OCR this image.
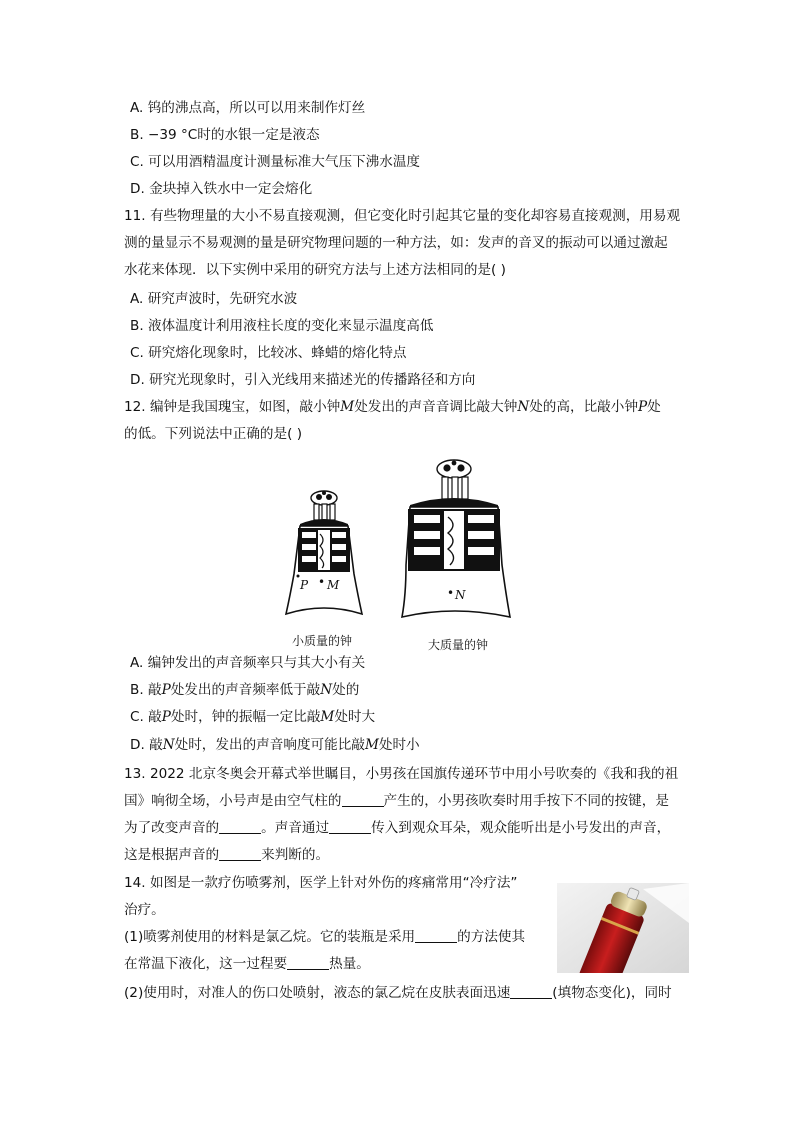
A. 钨的沸点高，所以可以用来制作灯丝
B. −39 °C时的水银一定是液态
C. 可以用酒精温度计测量标准大气压下沸水温度
D. 金块掉入铁水中一定会熔化
11. 有些物理量的大小不易直接观测，但它变化时引起其它量的变化却容易直接观测，用易观
测的量显示不易观测的量是研究物理问题的一种方法，如：发声的音叉的振动可以通过激起
水花来体现．以下实例中采用的研究方法与上述方法相同的是( )
A. 研究声波时，先研究水波
B. 液体温度计利用液柱长度的变化来显示温度高低
C. 研究熔化现象时，比较冰、蜂蜡的熔化特点
D. 研究光现象时，引入光线用来描述光的传播路径和方向
12. 编钟是我国瑰宝，如图，敲小钟M处发出的声音音调比敲大钟N处的高，比敲小钟P处
的低。下列说法中正确的是( )
P • M
小质量的钟
• N
大质量的钟
A. 编钟发出的声音频率只与其大小有关
B. 敲P处发出的声音频率低于敲N处的
C. 敲P处时，钟的振幅一定比敲M处时大
D. 敲N处时，发出的声音响度可能比敲M处时小
13. 2022 北京冬奥会开幕式举世瞩目，小男孩在国旗传递环节中用小号吹奏的《我和我的祖
国》响彻全场，小号声是由空气柱的	产生的，小男孩吹奏时用手按下不同的按键，是
为了改变声音的	。声音通过	传入到观众耳朵，观众能听出是小号发出的声音，
这是根据声音的	来判断的。
14. 如图是一款疗伤喷雾剂，医学上针对外伤的疼痛常用“冷疗法”
治疗。
(1)喷雾剂使用的材料是氯乙烷。它的装瓶是采用	的方法使其
在常温下液化，这一过程要	热量。
(2)使用时，对准人的伤口处喷射，液态的氯乙烷在皮肤表面迅速	(填物态变化)，同时
